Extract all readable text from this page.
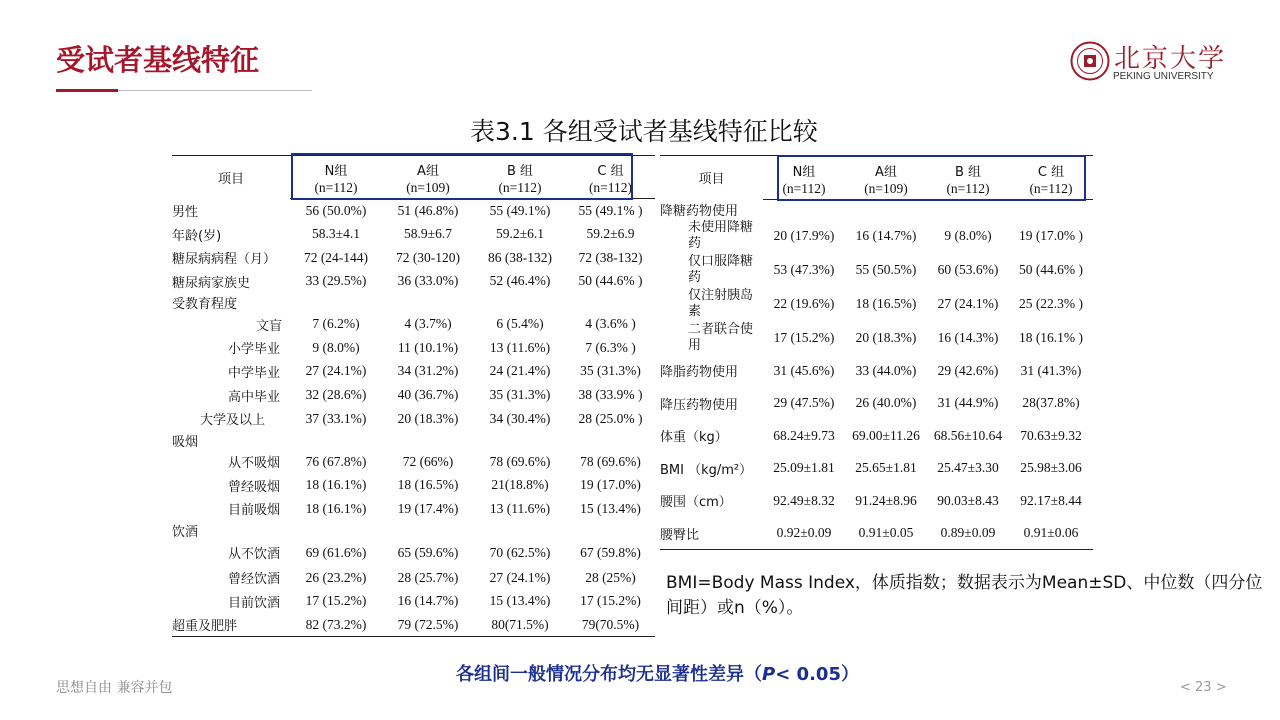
受试者基线特征	北京大学
PEKING UNIVERSITY
表3.1 各组受试者基线特征比较
项目	N组	A组	B 组	C 组
	(n=112)	(n=109)	(n=112)	(n=112)
男性	56 (50.0%)	51 (46.8%)	55 (49.1%)	55 (49.1% )
年龄(岁)	58.3±4.1	58.9±6.7	59.2±6.1	59.2±6.9
糖尿病病程（月）	72 (24-144)	72 (30-120)	86 (38-132)	72 (38-132)
糖尿病家族史	33 (29.5%)	36 (33.0%)	52 (46.4%)	50 (44.6% )
受教育程度				
文盲	7 (6.2%)	4 (3.7%)	6 (5.4%)	4 (3.6% )
小学毕业	9 (8.0%)	11 (10.1%)	13 (11.6%)	7 (6.3% )
中学毕业	27 (24.1%)	34 (31.2%)	24 (21.4%)	35 (31.3%)
高中毕业	32 (28.6%)	40 (36.7%)	35 (31.3%)	38 (33.9% )
大学及以上	37 (33.1%)	20 (18.3%)	34 (30.4%)	28 (25.0% )
吸烟				
从不吸烟	76 (67.8%)	72 (66%)	78 (69.6%)	78 (69.6%)
曾经吸烟	18 (16.1%)	18 (16.5%)	21(18.8%)	19 (17.0%)
目前吸烟	18 (16.1%)	19 (17.4%)	13 (11.6%)	15 (13.4%)
饮酒				
从不饮酒	69 (61.6%)	65 (59.6%)	70 (62.5%)	67 (59.8%)
曾经饮酒	26 (23.2%)	28 (25.7%)	27 (24.1%)	28 (25%)
目前饮酒	17 (15.2%)	16 (14.7%)	15 (13.4%)	17 (15.2%)
超重及肥胖	82 (73.2%)	79 (72.5%)	80(71.5%)	79(70.5%)
项目	N组	A组	B 组	C 组
	(n=112)	(n=109)	(n=112)	(n=112)
降糖药物使用				
未使用降糖药	20 (17.9%)	16 (14.7%)	9 (8.0%)	19 (17.0% )
仅口服降糖药	53 (47.3%)	55 (50.5%)	60 (53.6%)	50 (44.6% )
仅注射胰岛素	22 (19.6%)	18 (16.5%)	27 (24.1%)	25 (22.3% )
二者联合使用	17 (15.2%)	20 (18.3%)	16 (14.3%)	18 (16.1% )
降脂药物使用	31 (45.6%)	33 (44.0%)	29 (42.6%)	31 (41.3%)
降压药物使用	29 (47.5%)	26 (40.0%)	31 (44.9%)	28(37.8%)
体重（kg）	68.24±9.73	69.00±11.26	68.56±10.64	70.63±9.32
BMI （kg/m²）	25.09±1.81	25.65±1.81	25.47±3.30	25.98±3.06
腰围（cm）	92.49±8.32	91.24±8.96	90.03±8.43	92.17±8.44
腰臀比	0.92±0.09	0.91±0.05	0.89±0.09	0.91±0.06
BMI=Body Mass Index，体质指数；数据表示为Mean±SD、中位数（四分位间距）或n（%）。
各组间一般情况分布均无显著性差异（P< 0.05）
思想自由 兼容并包	< 23 >
